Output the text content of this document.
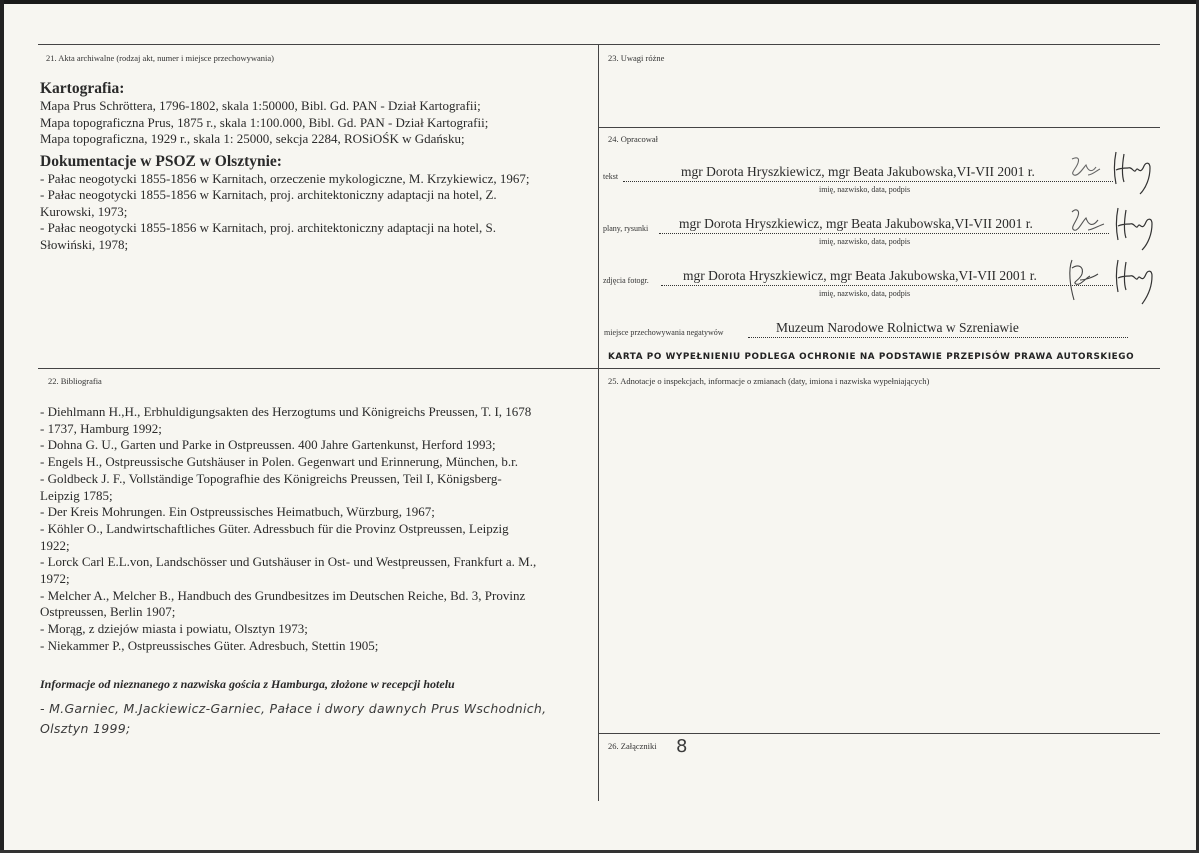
21. Akta archiwalne (rodzaj akt, numer i miejsce przechowywania)
Kartografia:
Mapa Prus Schröttera, 1796-1802, skala 1:50000, Bibl. Gd. PAN - Dział Kartografii;
Mapa topograficzna Prus, 1875 r., skala 1:100.000, Bibl. Gd. PAN - Dział Kartografii;
Mapa topograficzna, 1929 r., skala 1: 25000, sekcja 2284, ROSiOŚK w Gdańsku;
Dokumentacje w PSOZ w Olsztynie:
- Pałac neogotycki 1855-1856 w Karnitach, orzeczenie mykologiczne, M. Krzykiewicz, 1967;
- Pałac neogotycki 1855-1856 w Karnitach, proj. architektoniczny adaptacji na hotel, Z.
Kurowski, 1973;
- Pałac neogotycki 1855-1856 w Karnitach, proj. architektoniczny adaptacji na hotel, S.
Słowiński, 1978;
23. Uwagi różne
24. Opracował
tekst	mgr Dorota Hryszkiewicz, mgr Beata Jakubowska,VI-VII 2001 r.
imię, nazwisko, data, podpis
plany, rysunki mgr Dorota Hryszkiewicz, mgr Beata Jakubowska,VI-VII 2001 r.
imię, nazwisko, data, podpis
zdjęcia fotogr.	mgr Dorota Hryszkiewicz, mgr Beata Jakubowska,VI-VII 2001 r.
imię, nazwisko, data, podpis
miejsce przechowywania negatywów	Muzeum Narodowe Rolnictwa w Szreniawie
KARTA PO WYPEŁNIENIU PODLEGA OCHRONIE NA PODSTAWIE PRZEPISÓW PRAWA AUTORSKIEGO
22. Bibliografia
- Diehlmann H.,H., Erbhuldigungsakten des Herzogtums und Königreichs Preussen, T. I, 1678
- 1737, Hamburg 1992;
- Dohna G. U., Garten und Parke in Ostpreussen. 400 Jahre Gartenkunst, Herford 1993;
- Engels H., Ostpreussische Gutshäuser in Polen. Gegenwart und Erinnerung, München, b.r.
- Goldbeck J. F., Vollständige Topografhie des Königreichs Preussen, Teil I, Königsberg-
Leipzig 1785;
- Der Kreis Mohrungen. Ein Ostpreussisches Heimatbuch, Würzburg, 1967;
- Köhler O., Landwirtschaftliches Güter. Adressbuch für die Provinz Ostpreussen, Leipzig
1922;
- Lorck Carl E.L.von, Landschösser und Gutshäuser in Ost- und Westpreussen, Frankfurt a. M.,
1972;
- Melcher A., Melcher B., Handbuch des Grundbesitzes im Deutschen Reiche, Bd. 3, Provinz
Ostpreussen, Berlin 1907;
- Morąg, z dziejów miasta i powiatu, Olsztyn 1973;
- Niekammer P., Ostpreussisches Güter. Adresbuch, Stettin 1905;
Informacje od nieznanego z nazwiska gościa z Hamburga, złożone w recepcji hotelu
- M.Garniec, M.Jackiewicz-Garniec, Pałace i dwory dawnych Prus Wschodnich,
Olsztyn 1999;
25. Adnotacje o inspekcjach, informacje o zmianach (daty, imiona i nazwiska wypełniających)
26. Załączniki 8
